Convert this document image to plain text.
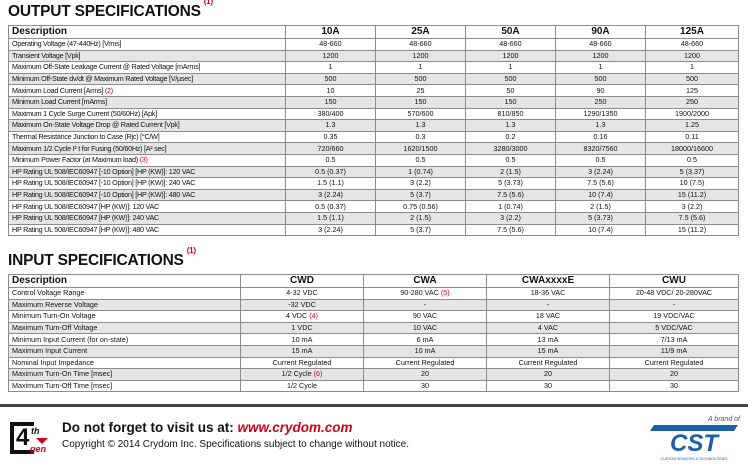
OUTPUT SPECIFICATIONS$^{(1)}$
Description	10A	25A	50A	90A	125A
Operating Voltage (47-440Hz) [Vrms]	48-660	48-660	48-660	48-660	48-660
Transient Voltage [Vpk]	1200	1200	1200	1200	1200
Maximum Off-State Leakage Current @ Rated Voltage [mArms]	1	1	1	1	1
Minimum Off-State dv/dt @ Maximum Rated Voltage [V/µsec]	500	500	500	500	500
Maximum Load Current [Arms] (2)	10	25	50	90	125
Minimum Load Current [mArms]	150	150	150	250	250
Maximum 1 Cycle Surge Current (50/60Hz) [Apk]	380/400	570/600	810/850	1290/1350	1900/2000
Maximum On-State Voltage Drop @ Rated Current [Vpk]	1.3	1.3	1.3	1.3	1.25
Thermal Resistance Junction to Case (Rjc) [°C/W]	0.35	0.3	0.2	0.16	0.11
Maximum 1/2 Cycle I² t for Fusing (50/60Hz) [A² sec]	720/660	1620/1500	3280/3000	8320/7560	18000/16600
Minimum Power Factor (at Maximum load) (3)	0.5	0.5	0.5	0.5	0.5
HP Rating UL 508/IEC60947 [-10 Option] [HP (KW)]: 120 VAC	0.5 (0.37)	1 (0.74)	2 (1.5)	3 (2.24)	5 (3.37)
HP Rating UL 508/IEC60947 [-10 Option] [HP (KW)]: 240 VAC	1.5 (1.1)	3 (2.2)	5 (3.73)	7.5 (5.6)	10 (7.5)
HP Rating UL 508/IEC60947 [-10 Option] [HP (KW)]: 480 VAC	3 (2.24)	5 (3.7)	7.5 (5.6)	10 (7.4)	15 (11.2)
HP Rating UL 508/IEC60947 [HP (KW)]: 120 VAC	0.5 (0.37)	0.75 (0.56)	1 (0.74)	2 (1.5)	3 (2.2)
HP Rating UL 508/IEC60947 [HP (KW)]: 240 VAC	1.5 (1.1)	2 (1.5)	3 (2.2)	5 (3.73)	7.5 (5.6)
HP Rating UL 508/IEC60947 [HP (KW)]: 480 VAC	3 (2.24)	5 (3.7)	7.5 (5.6)	10 (7.4)	15 (11.2)
INPUT SPECIFICATIONS$^{(1)}$
Description	CWD	CWA	CWAxxxxE	CWU
Control Voltage Range	4-32 VDC	90-280 VAC (5)	18-36 VAC	20-48 VDC/ 20-280VAC
Maximum Reverse Voltage	-32 VDC	-	-	-
Minimum Turn-On Voltage	4 VDC (4)	90 VAC	18 VAC	19 VDC/VAC
Maximum Turn-Off Voltage	1 VDC	10 VAC	4 VAC	5 VDC/VAC
Minimum Input Current (for on-state)	10 mA	6 mA	13 mA	7/13 mA
Maximum Input Current	15 mA	10 mA	15 mA	11/9 mA
Nominal Input Impedance	Current Regulated	Current Regulated	Current Regulated	Current Regulated
Maximum Turn-On Time [msec]	1/2 Cycle (6)	20	20	20
Maximum Turn-Off Time [msec]	1/2 Cycle	30	30	30
4 th
gen
Do not forget to visit us at: www.crydom.com
Copyright © 2014 Crydom Inc. Specifications subject to change without notice.
A brand of
CST
CUSTOM SENSORS & TECHNOLOGIES
